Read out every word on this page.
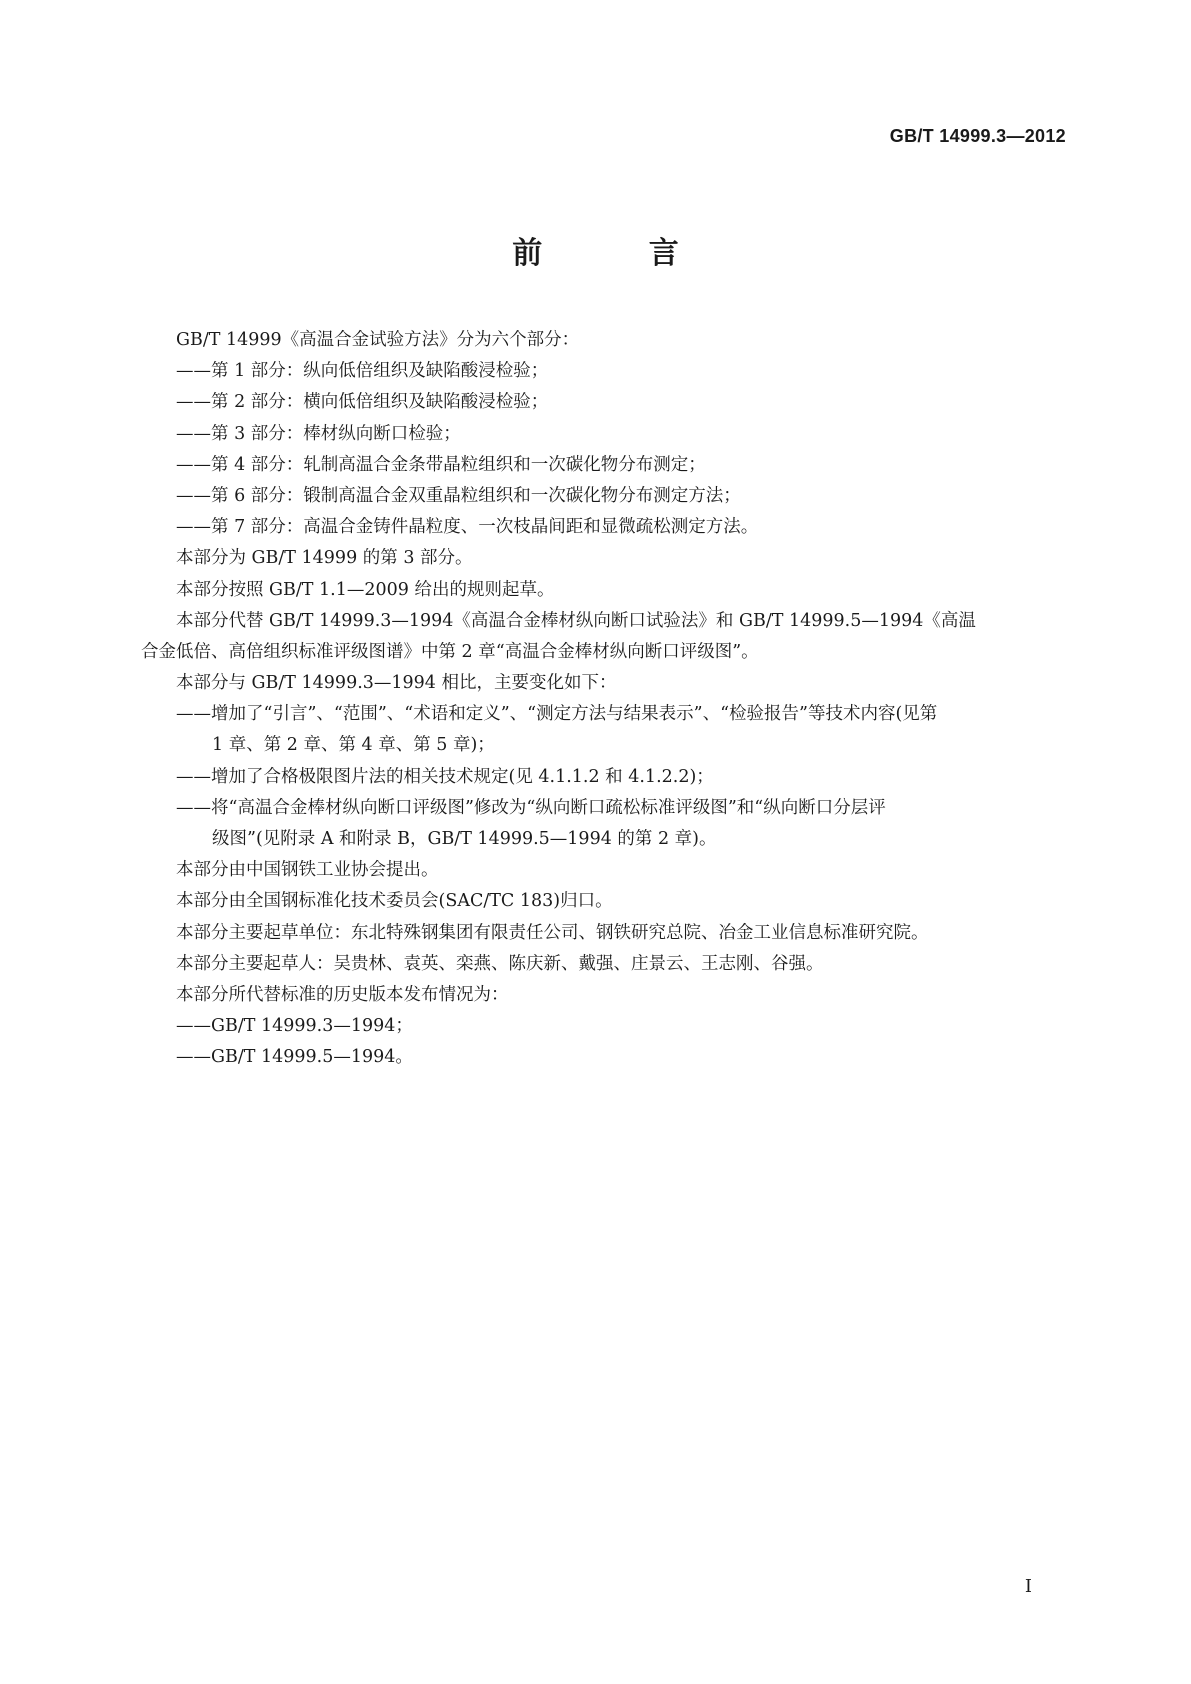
GB/T 14999.3—2012
前 言
GB/T 14999《高温合金试验方法》分为六个部分：
——第 1 部分：纵向低倍组织及缺陷酸浸检验；
——第 2 部分：横向低倍组织及缺陷酸浸检验；
——第 3 部分：棒材纵向断口检验；
——第 4 部分：轧制高温合金条带晶粒组织和一次碳化物分布测定；
——第 6 部分：锻制高温合金双重晶粒组织和一次碳化物分布测定方法；
——第 7 部分：高温合金铸件晶粒度、一次枝晶间距和显微疏松测定方法。
本部分为 GB/T 14999 的第 3 部分。
本部分按照 GB/T 1.1—2009 给出的规则起草。
本部分代替 GB/T 14999.3—1994《高温合金棒材纵向断口试验法》和 GB/T 14999.5—1994《高温
合金低倍、高倍组织标准评级图谱》中第 2 章“高温合金棒材纵向断口评级图”。
本部分与 GB/T 14999.3—1994 相比，主要变化如下：
——增加了“引言”、“范围”、“术语和定义”、“测定方法与结果表示”、“检验报告”等技术内容(见第
1 章、第 2 章、第 4 章、第 5 章)；
——增加了合格极限图片法的相关技术规定(见 4.1.1.2 和 4.1.2.2)；
——将“高温合金棒材纵向断口评级图”修改为“纵向断口疏松标准评级图”和“纵向断口分层评
级图”(见附录 A 和附录 B，GB/T 14999.5—1994 的第 2 章)。
本部分由中国钢铁工业协会提出。
本部分由全国钢标准化技术委员会(SAC/TC 183)归口。
本部分主要起草单位：东北特殊钢集团有限责任公司、钢铁研究总院、冶金工业信息标准研究院。
本部分主要起草人：吴贵林、袁英、栾燕、陈庆新、戴强、庄景云、王志刚、谷强。
本部分所代替标准的历史版本发布情况为：
——GB/T 14999.3—1994；
——GB/T 14999.5—1994。
I
